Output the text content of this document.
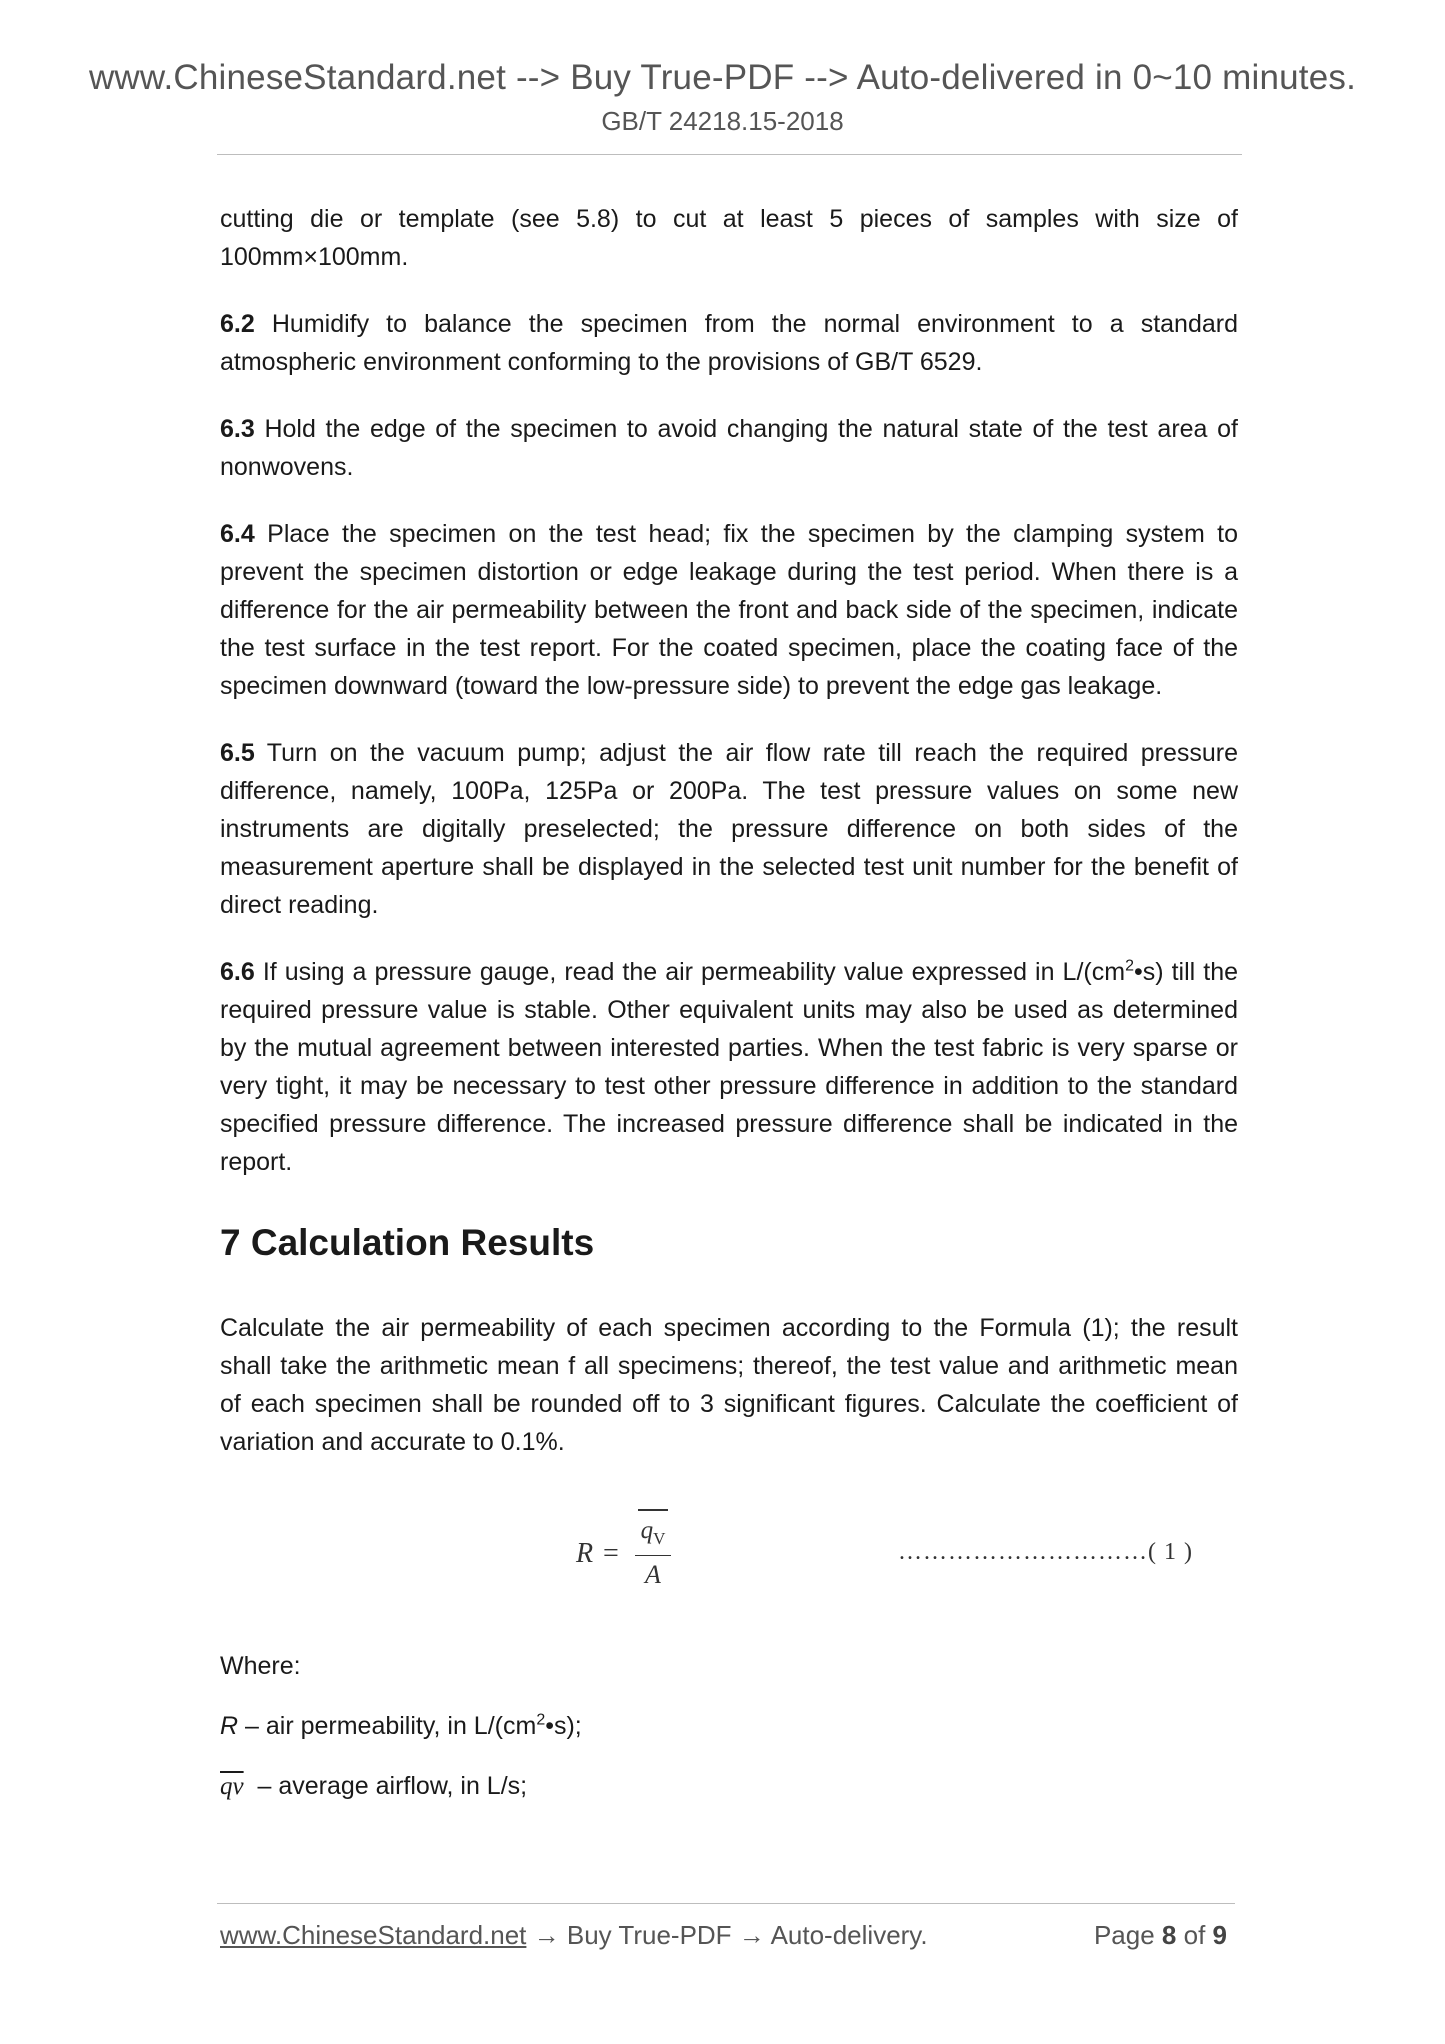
www.ChineseStandard.net --> Buy True-PDF --> Auto-delivered in 0~10 minutes.
GB/T 24218.15-2018

cutting die or template (see 5.8) to cut at least 5 pieces of samples with size of 100mm×100mm.

6.2 Humidify to balance the specimen from the normal environment to a standard atmospheric environment conforming to the provisions of GB/T 6529.

6.3 Hold the edge of the specimen to avoid changing the natural state of the test area of nonwovens.

6.4 Place the specimen on the test head; fix the specimen by the clamping system to prevent the specimen distortion or edge leakage during the test period. When there is a difference for the air permeability between the front and back side of the specimen, indicate the test surface in the test report. For the coated specimen, place the coating face of the specimen downward (toward the low-pressure side) to prevent the edge gas leakage.

6.5 Turn on the vacuum pump; adjust the air flow rate till reach the required pressure difference, namely, 100Pa, 125Pa or 200Pa. The test pressure values on some new instruments are digitally preselected; the pressure difference on both sides of the measurement aperture shall be displayed in the selected test unit number for the benefit of direct reading.

6.6 If using a pressure gauge, read the air permeability value expressed in $L/(cm^2•s)$ till the required pressure value is stable. Other equivalent units may also be used as determined by the mutual agreement between interested parties. When the test fabric is very sparse or very tight, it may be necessary to test other pressure difference in addition to the standard specified pressure difference. The increased pressure difference shall be indicated in the report.

7 Calculation Results

Calculate the air permeability of each specimen according to the Formula (1); the result shall take the arithmetic mean f all specimens; thereof, the test value and arithmetic mean of each specimen shall be rounded off to 3 significant figures. Calculate the coefficient of variation and accurate to 0.1%.

R =
$q_V$
A
…………………………( 1 )

Where:

R – air permeability, in $L/(cm^2•s)$;

$\overline{qv}$  – average airflow, in L/s;

www.ChineseStandard.net → Buy True-PDF → Auto-delivery.	Page 8 of 9
